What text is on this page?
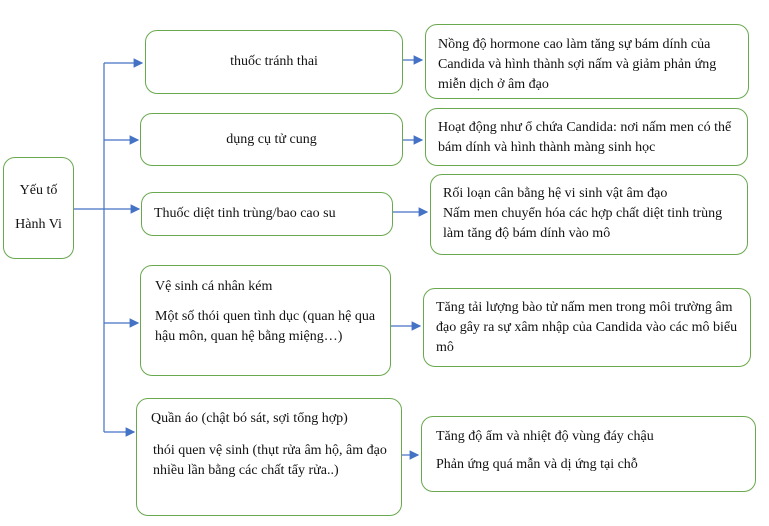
Yếu tố

Hành Vi

thuốc tránh thai

dụng cụ tử cung

Thuốc diệt tinh trùng/bao cao su

Vệ sinh cá nhân kém

Một số thói quen tình dục (quan hệ qua hậu môn, quan hệ bằng miệng…)

Quần áo (chật bó sát, sợi tổng hợp)

thói quen vệ sinh (thụt rửa âm hộ, âm đạo nhiều lần bằng các chất tẩy rửa..)

Nồng độ hormone cao làm tăng sự bám dính của Candida và hình thành sợi nấm và giảm phản ứng miễn dịch ở âm đạo

Hoạt động như ổ chứa Candida: nơi nấm men có thể bám dính và hình thành màng sinh học

Rối loạn cân bằng hệ vi sinh vật âm đạo

Nấm men chuyển hóa các hợp chất diệt tinh trùng làm tăng độ bám dính vào mô

Tăng tải lượng bào tử nấm men trong môi trường âm đạo gây ra sự xâm nhập của Candida vào các mô biểu mô

Tăng độ ẩm và nhiệt độ vùng đáy chậu

Phản ứng quá mẫn và dị ứng tại chỗ
